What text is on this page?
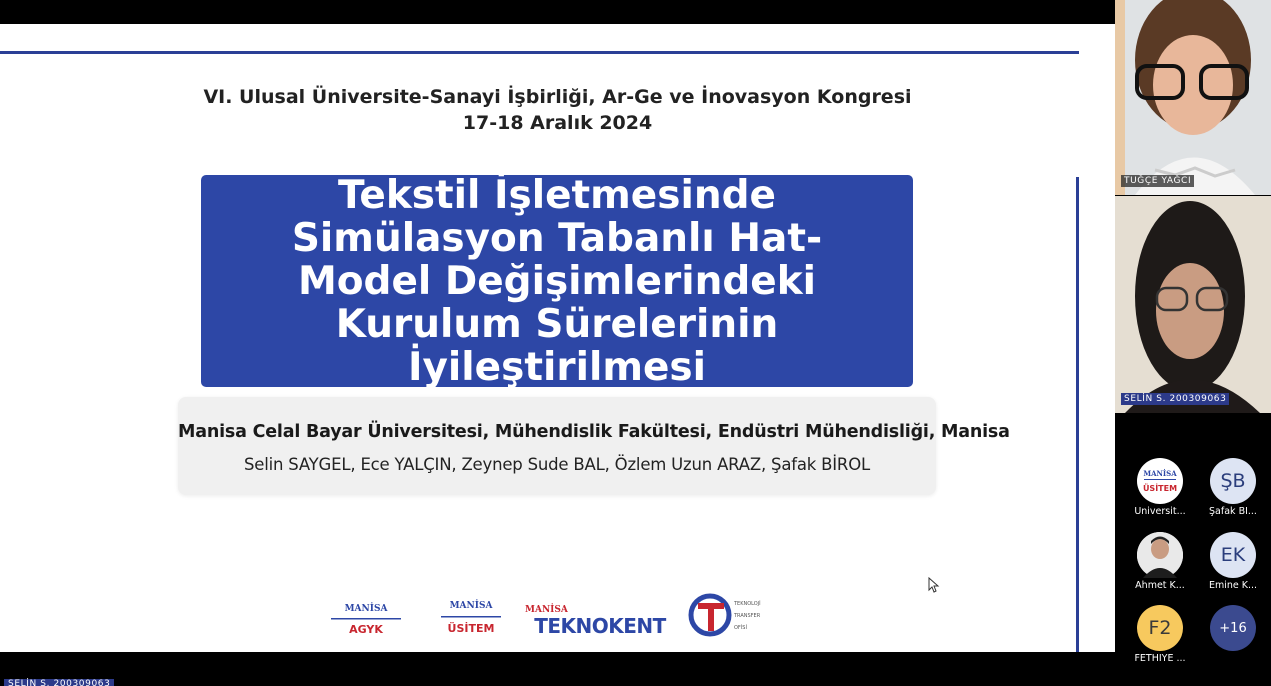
VI. Ulusal Üniversite-Sanayi İşbirliği, Ar-Ge ve İnovasyon Kongresi
17-18 Aralık 2024
Tekstil İşletmesinde Simülasyon Tabanlı Hat-Model Değişimlerindeki Kurulum Sürelerinin İyileştirilmesi
Manisa Celal Bayar Üniversitesi, Mühendislik Fakültesi, Endüstri Mühendisliği, Manisa
Selin SAYGEL, Ece YALÇIN, Zeynep Sude BAL, Özlem Uzun ARAZ, Şafak BİROL
MANİSA
AGYK
MANİSA
ÜSİTEM
MANİSA
TEKNOKENT
TEKNOLOJİ
TRANSFER
OFİSİ
TUĞÇE YAĞCI
SELİN S. 200309063
MANİSA
ÜSİTEM
Üniversit...
ŞB
Şafak Bİ...
Ahmet K...
EK
Emine K...
F2
FETHİYE ...
+16
SELİN S. 200309063
